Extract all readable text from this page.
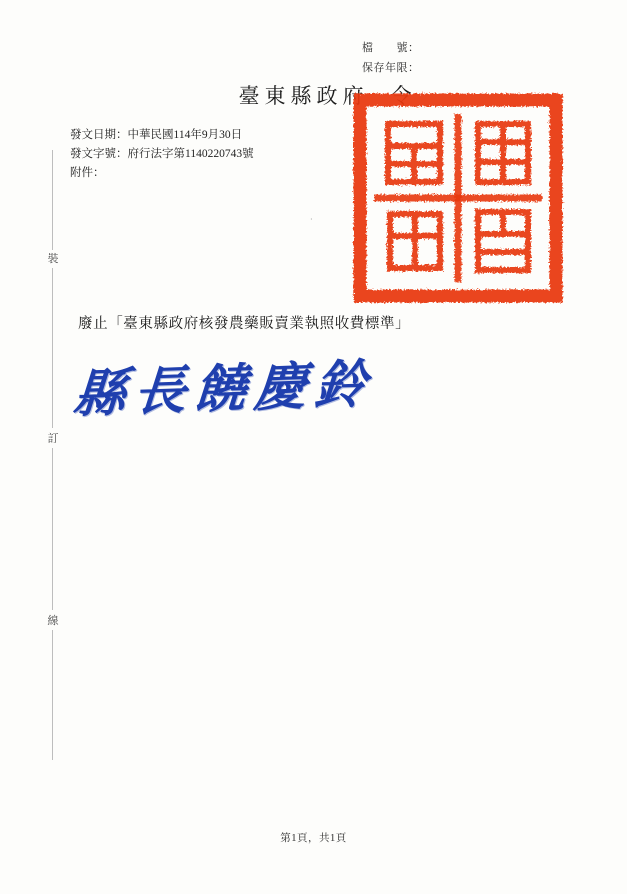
檔　　號：
保存年限：
臺東縣政府 令
發文日期：中華民國114年9月30日
發文字號：府行法字第1140220743號
附件：
·
廢止「臺東縣政府核發農藥販賣業執照收費標準」
縣長饒慶鈴
裝
訂
線
第1頁，共1頁
